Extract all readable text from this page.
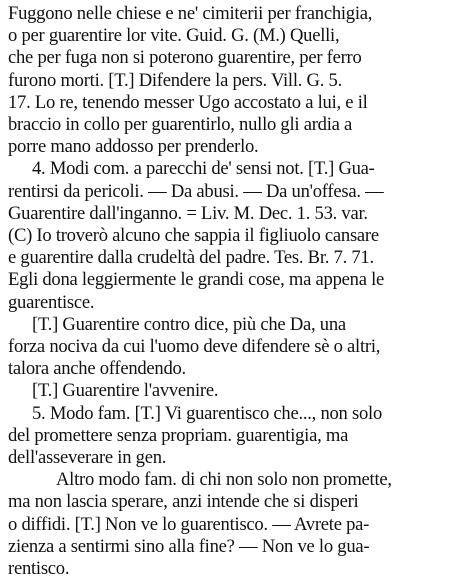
Fuggono nelle chiese e ne' cimiterii per franchigia,
o per guarentire lor vite. Guid. G. (M.) Quelli,
che per fuga non si poterono guarentire, per ferro
furono morti. [T.] Difendere la pers. Vill. G. 5.
17. Lo re, tenendo messer Ugo accostato a lui, e il
braccio in collo per guarentirlo, nullo gli ardia a
porre mano addosso per prenderlo.
4. Modi com. a parecchi de' sensi not. [T.] Gua-
rentirsi da pericoli. — Da abusi. — Da un'offesa. —
Guarentire dall'inganno. = Liv. M. Dec. 1. 53. var.
(C) Io troverò alcuno che sappia il figliuolo cansare
e guarentire dalla crudeltà del padre. Tes. Br. 7. 71.
Egli dona leggiermente le grandi cose, ma appena le
guarentisce.
[T.] Guarentire contro dice, più che Da, una
forza nociva da cui l'uomo deve difendere sè o altri,
talora anche offendendo.
[T.] Guarentire l'avvenire.
5. Modo fam. [T.] Vi guarentisco che..., non solo
del promettere senza propriam. guarentigia, ma
dell'asseverare in gen.
Altro modo fam. di chi non solo non promette,
ma non lascia sperare, anzi intende che si disperi
o diffidi. [T.] Non ve lo guarentisco. — Avrete pa-
zienza a sentirmi sino alla fine? — Non ve lo gua-
rentisco.
